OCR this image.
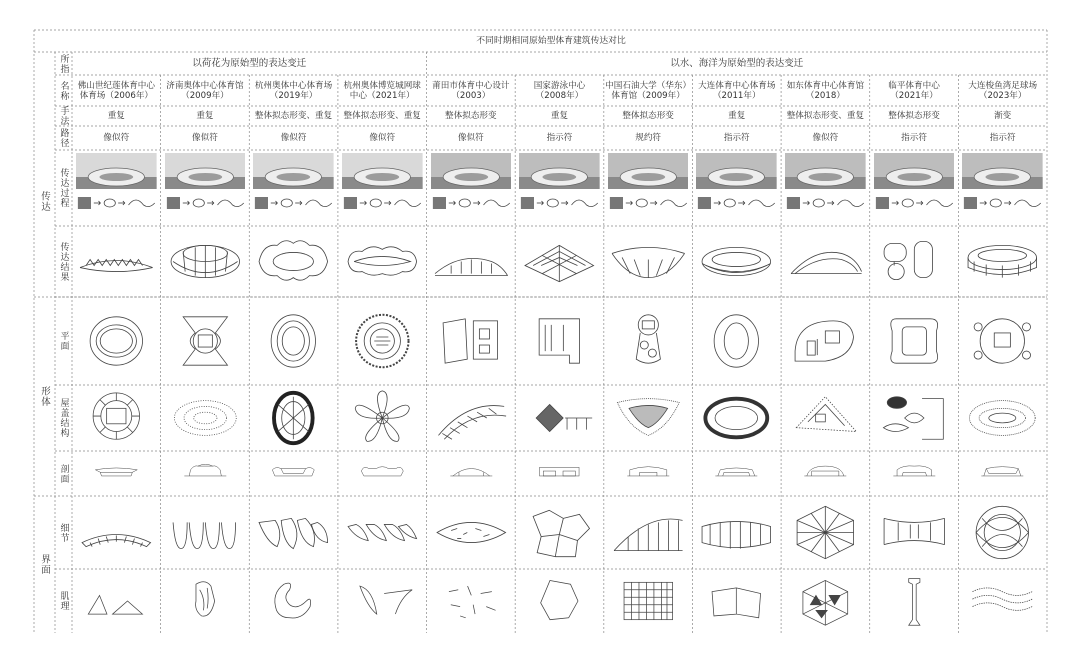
不同时期相同原始型体育建筑传达对比
所指	以荷花为原始型的表达变迁	以水、海洋为原始型的表达变迁
名称
手法
路径
传达过程
传达结果
平面
屋盖结构
剖面
细节
肌理
传达
形体
界面
佛山世纪莲体育中心
体育场（2006年）
重复
像似符
济南奥体中心体育馆
（2009年）
重复
像似符
杭州奥体中心体育场
（2019年）
整体拟态形变、重复
像似符
杭州奥体博览城网球
中心（2021年）
整体拟态形变、重复
像似符
莆田市体育中心设计
（2003）
整体拟态形变
像似符
国家游泳中心
（2008年）
重复
指示符
中国石油大学（华东）
体育馆（2009年）
整体拟态形变
规约符
大连体育中心体育场
（2011年）
重复
指示符
如东体育中心体育馆
（2018）
整体拟态形变、重复
像似符
临平体育中心
（2021年）
整体拟态形变
指示符
大连梭鱼湾足球场
（2023年）
渐变
指示符
